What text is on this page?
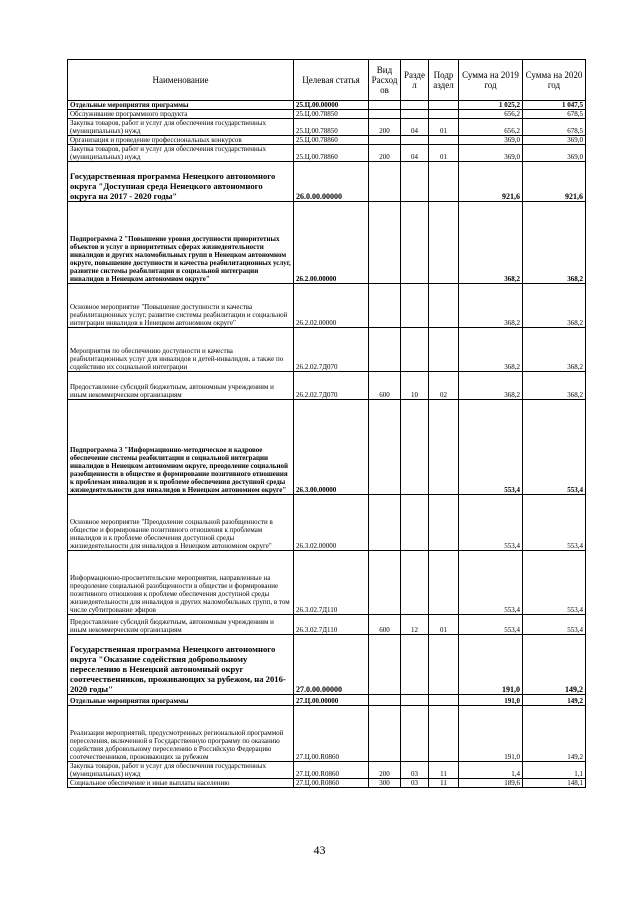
Наименование	Целевая статья	Вид Расход ов	Разде л	Подр аздел	Сумма на 2019 год	Сумма на 2020 год
Отдельные мероприятия программы	25.Ц.00.00000				1 025,2	1 047,5
Обслуживание программного продукта	25.Ц.00.78850				656,2	678,5
Закупка товаров, работ и услуг для обеспечения государственных (муниципальных) нужд	25.Ц.00.78850	200	04	01	656,2	678,5
Организация и проведение профессиональных конкурсов	25.Ц.00.78860				369,0	369,0
Закупка товаров, работ и услуг для обеспечения государственных (муниципальных) нужд	25.Ц.00.78860	200	04	01	369,0	369,0
Государственная программа Ненецкого автономного округа "Доступная среда Ненецкого автономного округа на 2017 - 2020 годы"	26.0.00.00000				921,6	921,6
Подпрограмма 2 "Повышение уровня доступности приоритетных объектов и услуг в приоритетных сферах жизнедеятельности инвалидов и других маломобильных групп в Ненецком автономном округе, повышение доступности и качества реабилитационных услуг, развитие системы реабилитации и социальной интеграции инвалидов в Ненецком автономном округе"	26.2.00.00000				368,2	368,2
Основное мероприятие "Повышение доступности и качества реабилитационных услуг, развитие системы реабилитации и социальной интеграции инвалидов в Ненецком автономном округе"	26.2.02.00000				368,2	368,2
Мероприятия по обеспечению доступности и качества реабилитационных услуг для инвалидов и детей-инвалидов, а также по содействию их социальной интеграции	26.2.02.7Д070				368,2	368,2
Предоставление субсидий бюджетным, автономным учреждениям и иным некоммерческим организациям	26.2.02.7Д070	600	10	02	368,2	368,2
Подпрограмма 3 "Информационно-методическое и кадровое обеспечение системы реабилитации и социальной интеграции инвалидов в Ненецком автономном округе, преодоление социальной разобщенности в обществе и формирование позитивного отношения к проблемам инвалидов и к проблеме обеспечения доступной среды жизнедеятельности для инвалидов в Ненецком автономном округе"	26.3.00.00000				553,4	553,4
Основное мероприятие "Преодоление социальной разобщенности в обществе и формирование позитивного отношения к проблемам инвалидов и к проблеме обеспечения доступной среды жизнедеятельности для инвалидов в Ненецком автономном округе"	26.3.02.00000				553,4	553,4
Информационно-просветительские мероприятия, направленные на преодоление социальной разобщенности в обществе и формирование позитивного отношения к проблеме обеспечения доступной среды жизнедеятельности для инвалидов и других маломобильных групп, в том числе субтитрование эфиров	26.3.02.7Д110				553,4	553,4
Предоставление субсидий бюджетным, автономным учреждениям и иным некоммерческим организациям	26.3.02.7Д110	600	12	01	553,4	553,4
Государственная программа Ненецкого автономного округа "Оказание содействия добровольному переселению в Ненецкий автономный округ соотечественников, проживающих за рубежом, на 2016-2020 годы"	27.0.00.00000				191,0	149,2
Отдельные мероприятия программы	27.Ц.00.00000				191,0	149,2
Реализация мероприятий, предусмотренных региональной программой переселения, включенной в Государственную программу по оказанию содействия добровольному переселению в Российскую Федерацию соотечественников, проживающих за рубежом	27.Ц.00.R0860				191,0	149,2
Закупка товаров, работ и услуг для обеспечения государственных (муниципальных) нужд	27.Ц.00.R0860	200	03	11	1,4	1,1
Социальное обеспечение и иные выплаты населению	27.Ц.00.R0860	300	03	11	189,6	148,1
43
